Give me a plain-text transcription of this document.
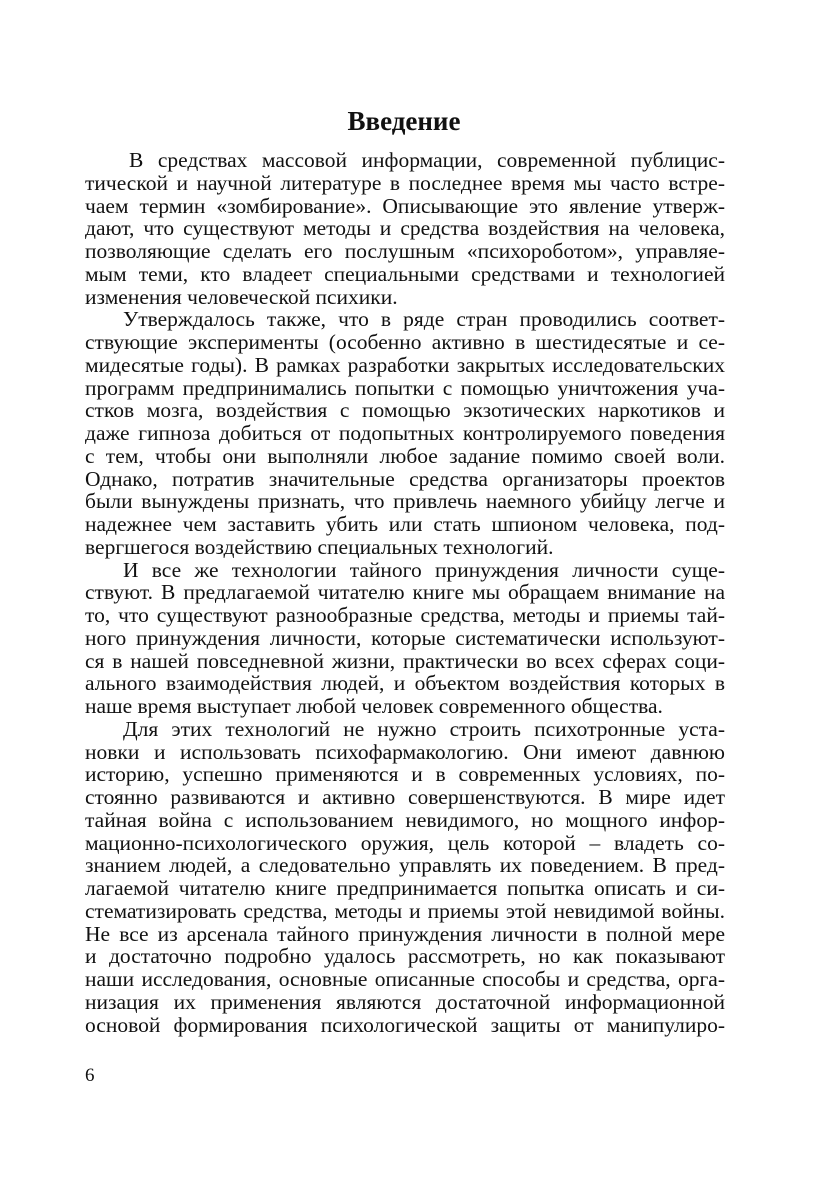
Введение

В средствах массовой информации, современной публицис-
тической и научной литературе в последнее время мы часто встре-
чаем термин «зомбирование». Описывающие это явление утверж-
дают, что существуют методы и средства воздействия на человека,
позволяющие сделать его послушным «психороботом», управляе-
мым теми, кто владеет специальными средствами и технологией
изменения человеческой психики.

Утверждалось также, что в ряде стран проводились соответ-
ствующие эксперименты (особенно активно в шестидесятые и се-
мидесятые годы). В рамках разработки закрытых исследовательских
программ предпринимались попытки с помощью уничтожения уча-
стков мозга, воздействия с помощью экзотических наркотиков и
даже гипноза добиться от подопытных контролируемого поведения
с тем, чтобы они выполняли любое задание помимо своей воли.
Однако, потратив значительные средства организаторы проектов
были вынуждены признать, что привлечь наемного убийцу легче и
надежнее чем заставить убить или стать шпионом человека, под-
вергшегося воздействию специальных технологий.

И все же технологии тайного принуждения личности суще-
ствуют. В предлагаемой читателю книге мы обращаем внимание на
то, что существуют разнообразные средства, методы и приемы тай-
ного принуждения личности, которые систематически используют-
ся в нашей повседневной жизни, практически во всех сферах соци-
ального взаимодействия людей, и объектом воздействия которых в
наше время выступает любой человек современного общества.

Для этих технологий не нужно строить психотронные уста-
новки и использовать психофармакологию. Они имеют давнюю
историю, успешно применяются и в современных условиях, по-
стоянно развиваются и активно совершенствуются. В мире идет
тайная война с использованием невидимого, но мощного инфор-
мационно-психологического оружия, цель которой – владеть со-
знанием людей, а следовательно управлять их поведением. В пред-
лагаемой читателю книге предпринимается попытка описать и си-
стематизировать средства, методы и приемы этой невидимой войны.
Не все из арсенала тайного принуждения личности в полной мере
и достаточно подробно удалось рассмотреть, но как показывают
наши исследования, основные описанные способы и средства, орга-
низация их применения являются достаточной информационной
основой формирования психологической защиты от манипулиро-

6
